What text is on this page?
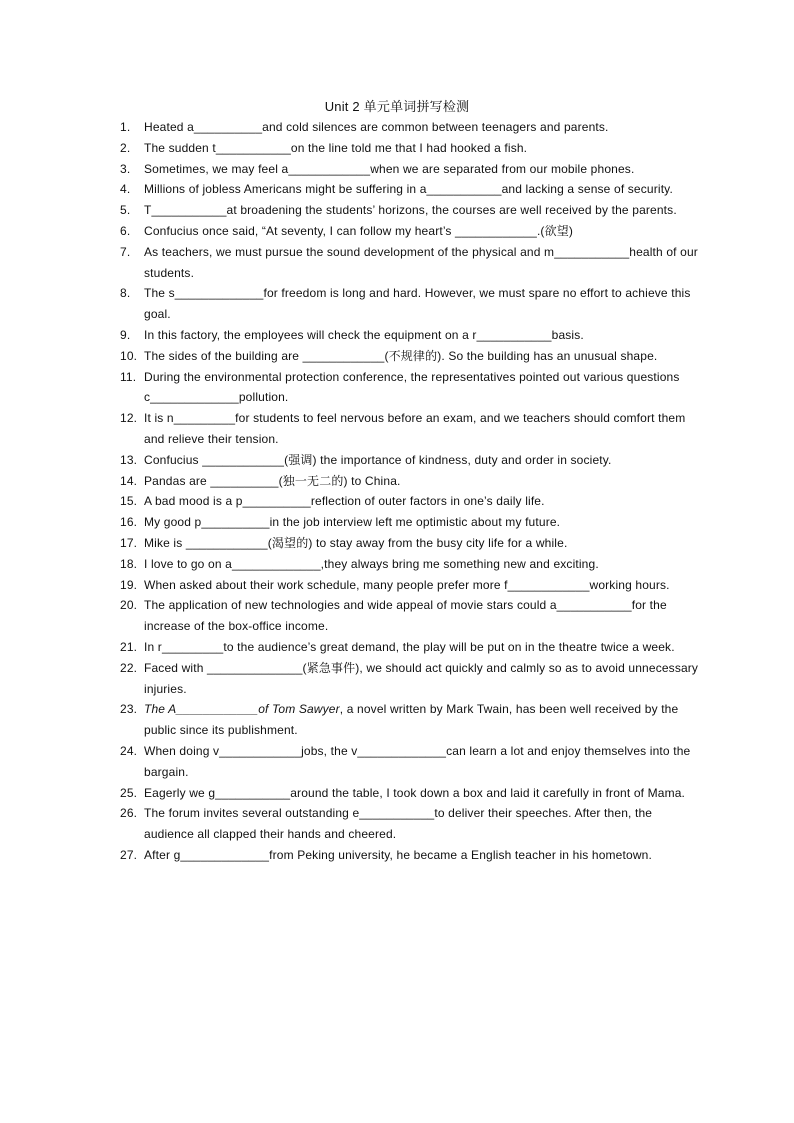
Unit 2 单元单词拼写检测
1.	Heated a__________and cold silences are common between teenagers and parents.
2.	The sudden t___________on the line told me that I had hooked a fish.
3.	Sometimes, we may feel a____________when we are separated from our mobile phones.
4.	Millions of jobless Americans might be suffering in a___________and lacking a sense of security.
5.	T___________at broadening the students’ horizons, the courses are well received by the parents.
6.	Confucius once said, “At seventy, I can follow my heart’s ____________.(欲望)
7.	As teachers, we must pursue the sound development of the physical and m___________health of our students.
8.	The s_____________for freedom is long and hard. However, we must spare no effort to achieve this goal.
9.	In this factory, the employees will check the equipment on a r___________basis.
10. The sides of the building are ____________(不规律的). So the building has an unusual shape.
11. During the environmental protection conference, the representatives pointed out various questions c_____________pollution.
12. It is n_________for students to feel nervous before an exam, and we teachers should comfort them and relieve their tension.
13. Confucius ____________(强调) the importance of kindness, duty and order in society.
14. Pandas are __________(独一无二的) to China.
15. A bad mood is a p__________reflection of outer factors in one’s daily life.
16. My good p__________in the job interview left me optimistic about my future.
17. Mike is ____________(渴望的) to stay away from the busy city life for a while.
18. I love to go on a_____________,they always bring me something new and exciting.
19. When asked about their work schedule, many people prefer more f____________working hours.
20. The application of new technologies and wide appeal of movie stars could a___________for the increase of the box-office income.
21. In r_________to the audience’s great demand, the play will be put on in the theatre twice a week.
22. Faced with ______________(紧急事件), we should act quickly and calmly so as to avoid unnecessary injuries.
23. The A____________of Tom Sawyer, a novel written by Mark Twain, has been well received by the public since its publishment.
24. When doing v____________jobs, the v_____________can learn a lot and enjoy themselves into the bargain.
25. Eagerly we g___________around the table, I took down a box and laid it carefully in front of Mama.
26. The forum invites several outstanding e___________to deliver their speeches. After then, the audience all clapped their hands and cheered.
27. After g_____________from Peking university, he became a English teacher in his hometown.
